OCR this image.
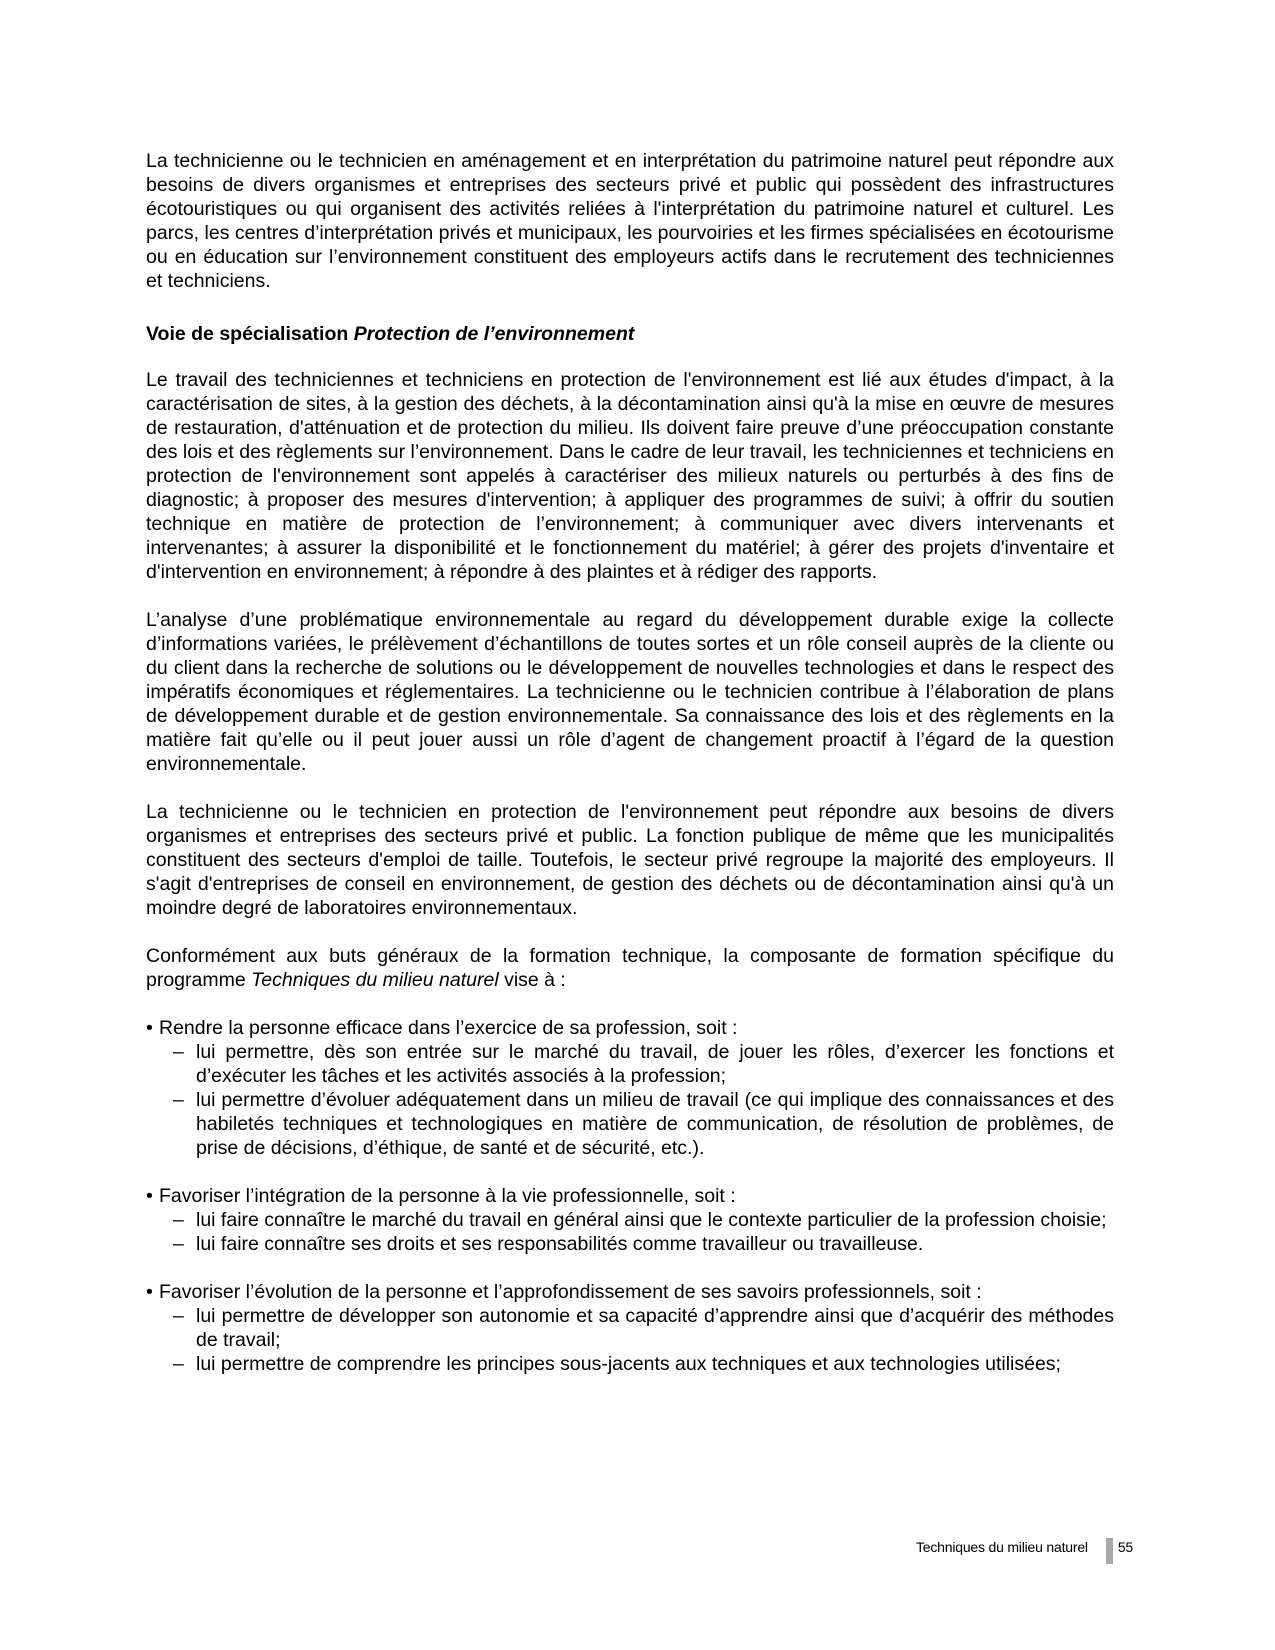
La technicienne ou le technicien en aménagement et en interprétation du patrimoine naturel peut répondre aux besoins de divers organismes et entreprises des secteurs privé et public qui possèdent des infrastructures écotouristiques ou qui organisent des activités reliées à l'interprétation du patrimoine naturel et culturel. Les parcs, les centres d’interprétation privés et municipaux, les pourvoiries et les firmes spécialisées en écotourisme ou en éducation sur l’environnement constituent des employeurs actifs dans le recrutement des techniciennes et techniciens.

Voie de spécialisation Protection de l’environnement

Le travail des techniciennes et techniciens en protection de l'environnement est lié aux études d'impact, à la caractérisation de sites, à la gestion des déchets, à la décontamination ainsi qu'à la mise en œuvre de mesures de restauration, d'atténuation et de protection du milieu. Ils doivent faire preuve d’une préoccupation constante des lois et des règlements sur l’environnement. Dans le cadre de leur travail, les techniciennes et techniciens en protection de l'environnement sont appelés à caractériser des milieux naturels ou perturbés à des fins de diagnostic; à proposer des mesures d'intervention; à appliquer des programmes de suivi; à offrir du soutien technique en matière de protection de l’environnement; à communiquer avec divers intervenants et intervenantes; à assurer la disponibilité et le fonctionnement du matériel; à gérer des projets d'inventaire et d'intervention en environnement; à répondre à des plaintes et à rédiger des rapports.

L’analyse d’une problématique environnementale au regard du développement durable exige la collecte d’informations variées, le prélèvement d’échantillons de toutes sortes et un rôle conseil auprès de la cliente ou du client dans la recherche de solutions ou le développement de nouvelles technologies et dans le respect des impératifs économiques et réglementaires. La technicienne ou le technicien contribue à l’élaboration de plans de développement durable et de gestion environnementale. Sa connaissance des lois et des règlements en la matière fait qu’elle ou il peut jouer aussi un rôle d’agent de changement proactif à l’égard de la question environnementale.

La technicienne ou le technicien en protection de l'environnement peut répondre aux besoins de divers organismes et entreprises des secteurs privé et public. La fonction publique de même que les municipalités constituent des secteurs d'emploi de taille. Toutefois, le secteur privé regroupe la majorité des employeurs. Il s'agit d'entreprises de conseil en environnement, de gestion des déchets ou de décontamination ainsi qu'à un moindre degré de laboratoires environnementaux.

Conformément aux buts généraux de la formation technique, la composante de formation spécifique du programme Techniques du milieu naturel vise à :

• Rendre la personne efficace dans l’exercice de sa profession, soit :
– lui permettre, dès son entrée sur le marché du travail, de jouer les rôles, d’exercer les fonctions et d’exécuter les tâches et les activités associés à la profession;
– lui permettre d’évoluer adéquatement dans un milieu de travail (ce qui implique des connaissances et des habiletés techniques et technologiques en matière de communication, de résolution de problèmes, de prise de décisions, d’éthique, de santé et de sécurité, etc.).
• Favoriser l’intégration de la personne à la vie professionnelle, soit :
– lui faire connaître le marché du travail en général ainsi que le contexte particulier de la profession choisie;
– lui faire connaître ses droits et ses responsabilités comme travailleur ou travailleuse.
• Favoriser l’évolution de la personne et l’approfondissement de ses savoirs professionnels, soit :
– lui permettre de développer son autonomie et sa capacité d’apprendre ainsi que d’acquérir des méthodes de travail;
– lui permettre de comprendre les principes sous-jacents aux techniques et aux technologies utilisées;
Techniques du milieu naturel 55
